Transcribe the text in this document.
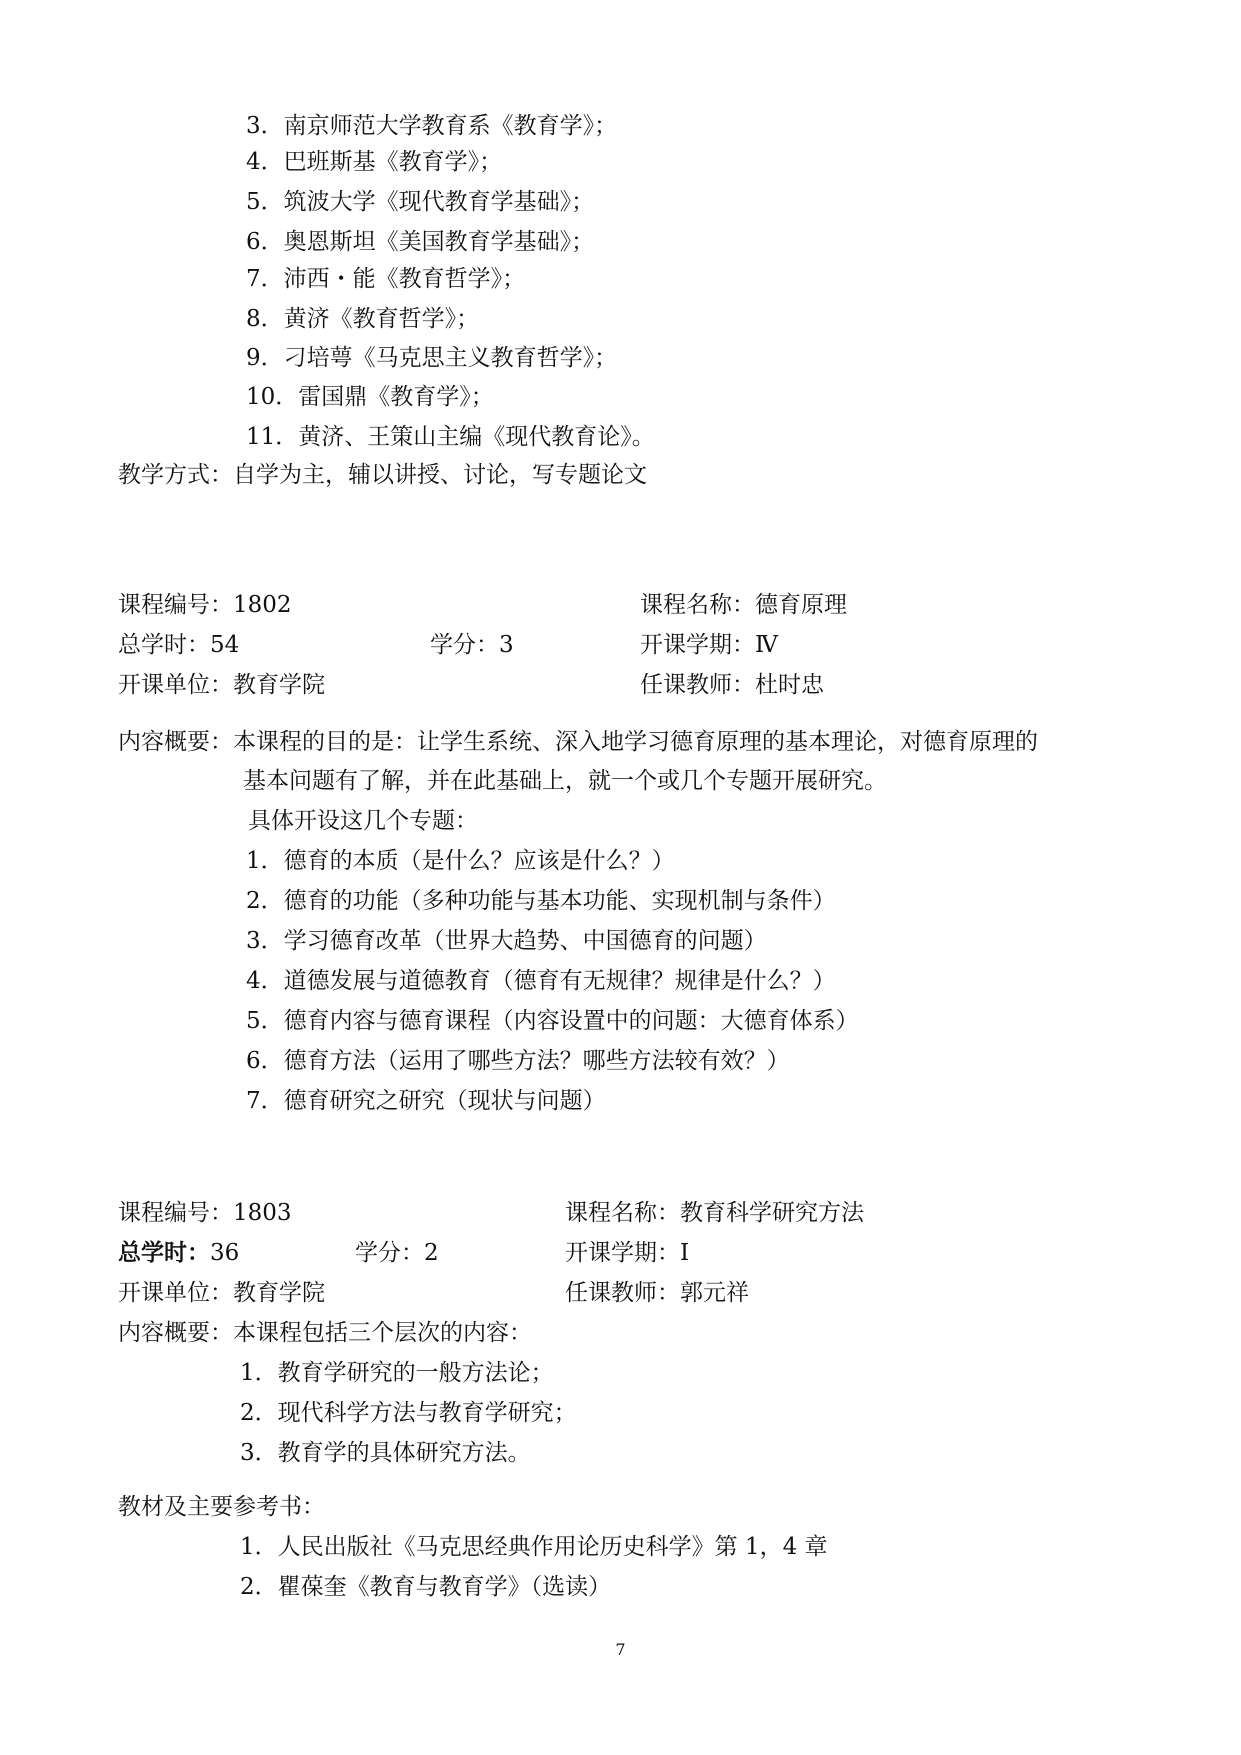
3．南京师范大学教育系《教育学》；
4．巴班斯基《教育学》；
5．筑波大学《现代教育学基础》；
6．奥恩斯坦《美国教育学基础》；
7．沛西・能《教育哲学》；
8．黄济《教育哲学》；
9．刁培萼《马克思主义教育哲学》；
10．雷国鼎《教育学》；
11．黄济、王策山主编《现代教育论》。
教学方式：自学为主，辅以讲授、讨论，写专题论文
课程编号：1802	课程名称：德育原理
总学时：54	学分：3	开课学期：Ⅳ
开课单位：教育学院	任课教师：杜时忠
内容概要：本课程的目的是：让学生系统、深入地学习德育原理的基本理论，对德育原理的
基本问题有了解，并在此基础上，就一个或几个专题开展研究。
具体开设这几个专题：
1．德育的本质（是什么？应该是什么？）
2．德育的功能（多种功能与基本功能、实现机制与条件）
3．学习德育改革（世界大趋势、中国德育的问题）
4．道德发展与道德教育（德育有无规律？规律是什么？）
5．德育内容与德育课程（内容设置中的问题：大德育体系）
6．德育方法（运用了哪些方法？哪些方法较有效？）
7．德育研究之研究（现状与问题）
课程编号：1803	课程名称：教育科学研究方法
总学时：36	学分：2	开课学期：Ⅰ
开课单位：教育学院	任课教师：郭元祥
内容概要：本课程包括三个层次的内容：
1．教育学研究的一般方法论；
2．现代科学方法与教育学研究；
3．教育学的具体研究方法。
教材及主要参考书：
1．人民出版社《马克思经典作用论历史科学》第 1，4 章
2．瞿葆奎《教育与教育学》（选读）
7
